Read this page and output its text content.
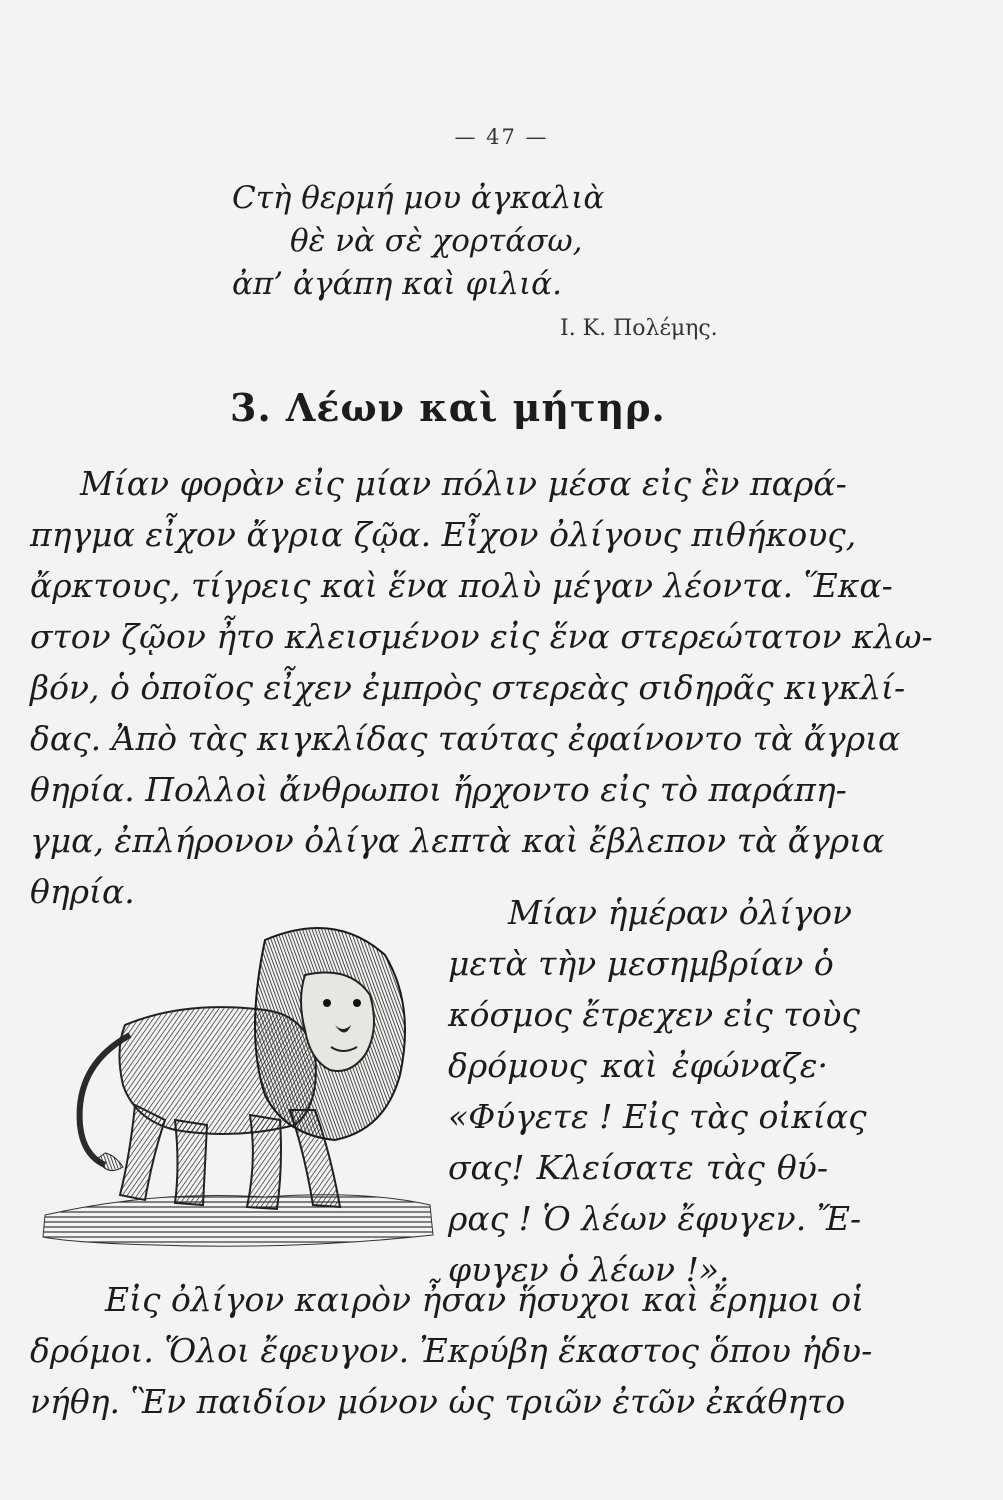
— 47 —
Ϲτὴ θερμή μου ἀγκαλιὰ
θὲ νὰ σὲ χορτάσω,
ἀπ’ ἀγάπη καὶ φιλιά.
Ι. Κ. Πολέμης.
3. Λέων καὶ μήτηρ.
Μίαν φορὰν εἰς μίαν πόλιν μέσα εἰς ἓν παρά-
πηγμα εἶχον ἄγρια ζῷα. Εἶχον ὀλίγους πιθήκους,
ἄρκτους, τίγρεις καὶ ἕνα πολὺ μέγαν λέοντα. Ἕκα-
στον ζῷον ἦτο κλεισμένον εἰς ἕνα στερεώτατον κλω-
βόν, ὁ ὁποῖος εἶχεν ἐμπρὸς στερεὰς σιδηρᾶς κιγκλί-
δας. Ἀπὸ τὰς κιγκλίδας ταύτας ἐφαίνοντο τὰ ἄγρια
θηρία. Πολλοὶ ἄνθρωποι ἤρχοντο εἰς τὸ παράπη-
γμα, ἐπλήρονον ὀλίγα λεπτὰ καὶ ἔβλεπον τὰ ἄγρια
θηρία.
Μίαν ἡμέραν ὀλίγον
μετὰ τὴν μεσημβρίαν ὁ
κόσμος ἔτρεχεν εἰς τοὺς
δρόμους καὶ ἐφώναζε·
«Φύγετε ! Εἰς τὰς οἰκίας
σας! Κλείσατε τὰς θύ-
ρας ! Ὁ λέων ἔφυγεν. Ἔ-
φυγεν ὁ λέων !».
Εἰς ὀλίγον καιρὸν ἦσαν ἥσυχοι καὶ ἔρημοι οἱ
δρόμοι. Ὅλοι ἔφευγον. Ἐκρύβη ἕκαστος ὅπου ἠδυ-
νήθη. Ἓν παιδίον μόνον ὡς τριῶν ἐτῶν ἐκάθητο
